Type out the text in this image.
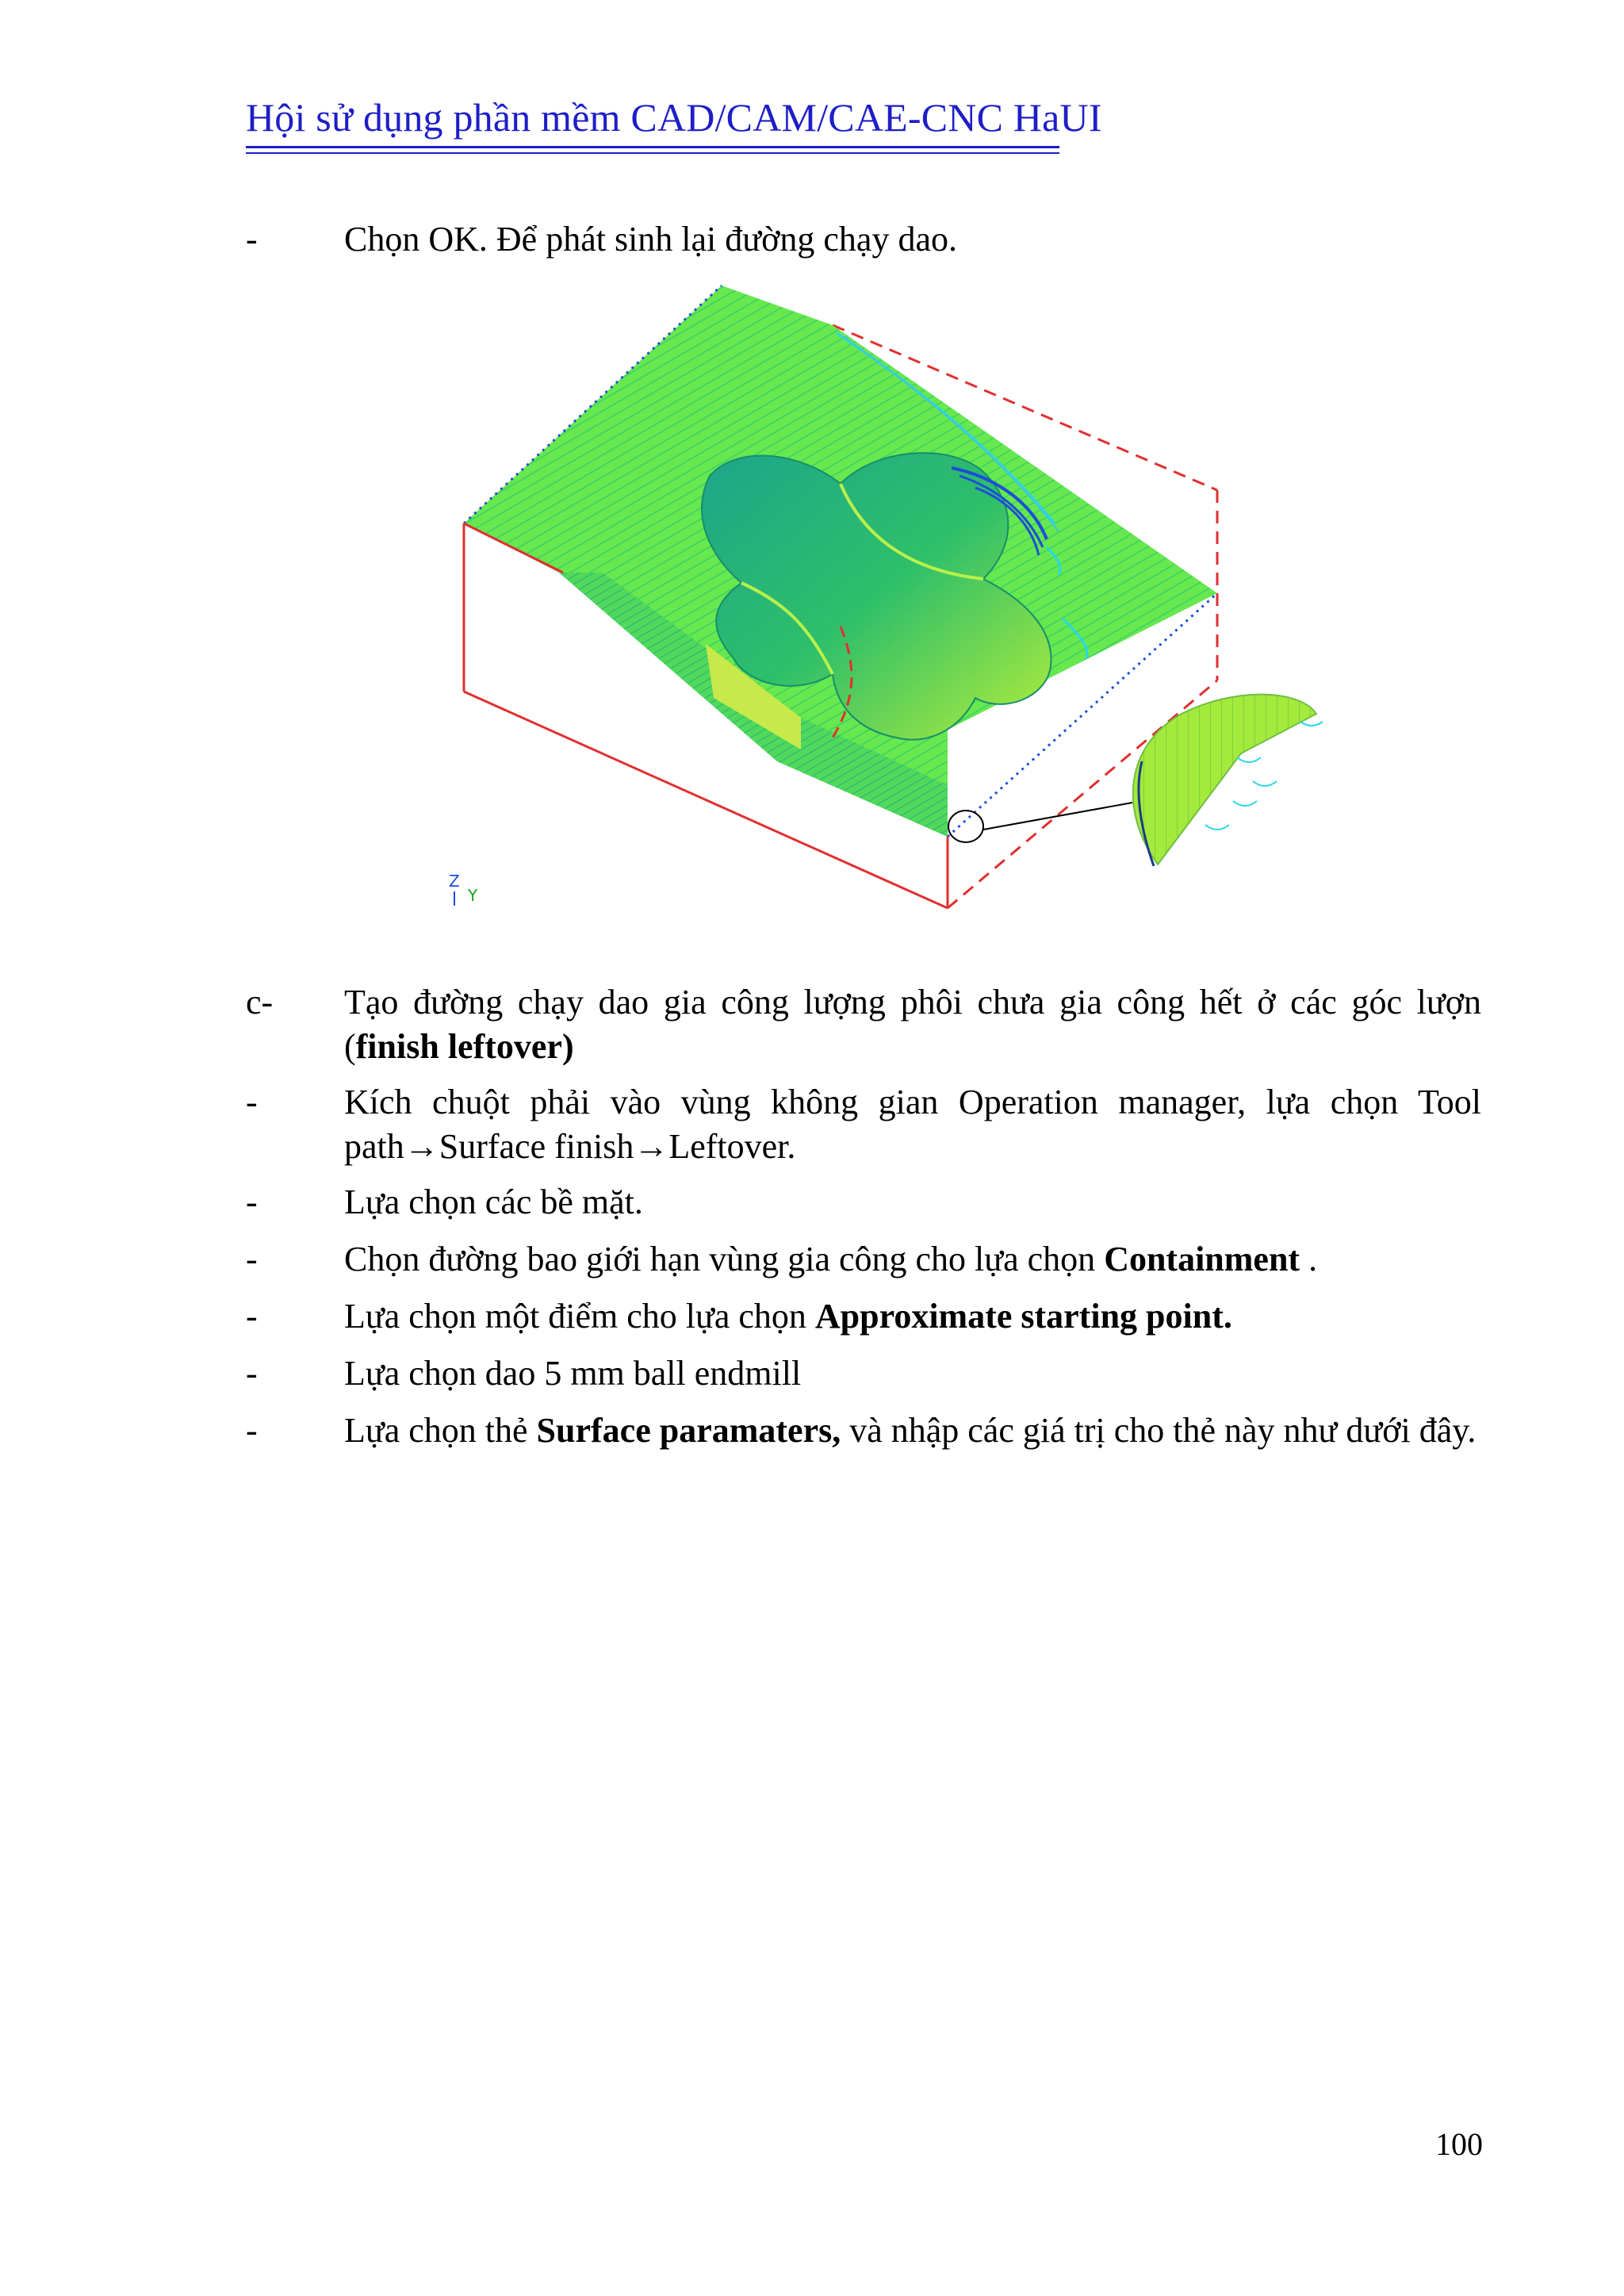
Hội sử dụng phần mềm CAD/CAM/CAE-CNC HaUI
-	Chọn OK. Để phát sinh lại đường chạy dao.
Z
Y
c-	Tạo đường chạy dao gia công lượng phôi chưa gia công hết ở các góc lượn (finish leftover)
-	Kích chuột phải vào vùng không gian Operation manager, lựa chọn Tool path→Surface finish→Leftover.
-	Lựa chọn các bề mặt.
-	Chọn đường bao giới hạn vùng gia công cho lựa chọn Containment .
-	Lựa chọn một điểm cho lựa chọn Approximate starting point.
-	Lựa chọn dao 5 mm ball endmill
-	Lựa chọn thẻ Surface paramaters, và nhập các giá trị cho thẻ này như dưới đây.
100
